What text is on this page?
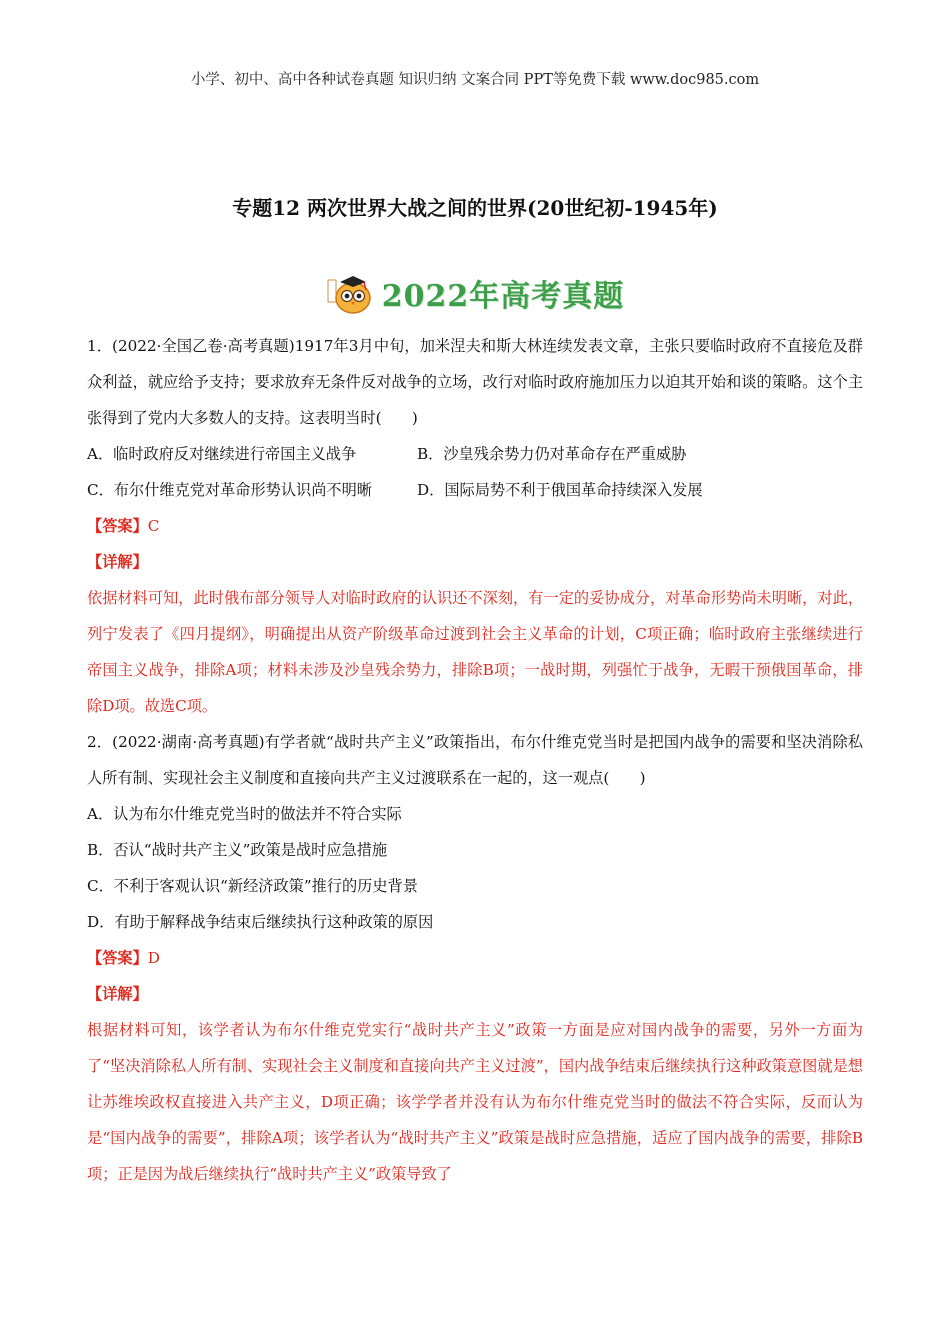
小学、初中、高中各种试卷真题 知识归纳 文案合同 PPT等免费下载 www.doc985.com
专题12 两次世界大战之间的世界(20世纪初-1945年)
2022年高考真题

1．(2022·全国乙卷·高考真题)1917年3月中旬，加米涅夫和斯大林连续发表文章，主张只要临时政府不直接危及群众利益，就应给予支持；要求放弃无条件反对战争的立场，改行对临时政府施加压力以迫其开始和谈的策略。这个主张得到了党内大多数人的支持。这表明当时(　　)

A．临时政府反对继续进行帝国主义战争	B．沙皇残余势力仍对革命存在严重威胁
C．布尔什维克党对革命形势认识尚不明晰	D．国际局势不利于俄国革命持续深入发展

【答案】C

【详解】

依据材料可知，此时俄布部分领导人对临时政府的认识还不深刻，有一定的妥协成分，对革命形势尚未明晰，对此，列宁发表了《四月提纲》，明确提出从资产阶级革命过渡到社会主义革命的计划，C项正确；临时政府主张继续进行帝国主义战争，排除A项；材料未涉及沙皇残余势力，排除B项；一战时期，列强忙于战争，无暇干预俄国革命，排除D项。故选C项。

2．(2022·湖南·高考真题)有学者就“战时共产主义”政策指出，布尔什维克党当时是把国内战争的需要和坚决消除私人所有制、实现社会主义制度和直接向共产主义过渡联系在一起的，这一观点(　　)

A．认为布尔什维克党当时的做法并不符合实际

B．否认“战时共产主义”政策是战时应急措施

C．不利于客观认识“新经济政策”推行的历史背景

D．有助于解释战争结束后继续执行这种政策的原因

【答案】D

【详解】

根据材料可知，该学者认为布尔什维克党实行“战时共产主义”政策一方面是应对国内战争的需要，另外一方面为了“坚决消除私人所有制、实现社会主义制度和直接向共产主义过渡”，国内战争结束后继续执行这种政策意图就是想让苏维埃政权直接进入共产主义，D项正确；该学学者并没有认为布尔什维克党当时的做法不符合实际，反而认为是“国内战争的需要”，排除A项；该学者认为“战时共产主义”政策是战时应急措施，适应了国内战争的需要，排除B项；正是因为战后继续执行“战时共产主义”政策导致了
